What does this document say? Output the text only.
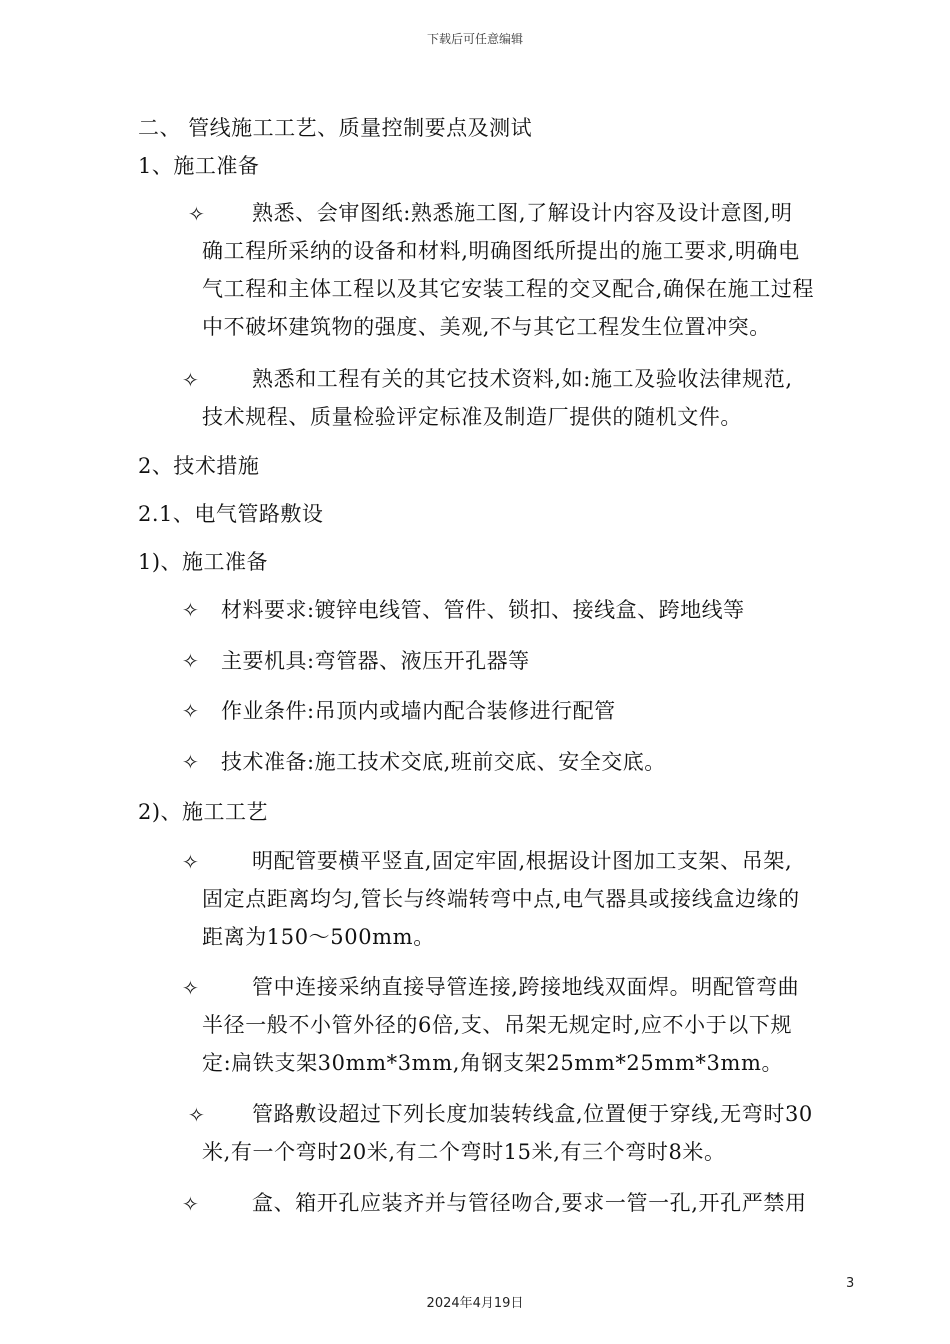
下载后可任意编辑
二、 管线施工工艺、质量控制要点及测试
1、施工准备
✧	熟悉、会审图纸:熟悉施工图,了解设计内容及设计意图,明
确工程所采纳的设备和材料,明确图纸所提出的施工要求,明确电
气工程和主体工程以及其它安装工程的交叉配合,确保在施工过程
中不破坏建筑物的强度、美观,不与其它工程发生位置冲突。
✧	熟悉和工程有关的其它技术资料,如:施工及验收法律规范,
技术规程、质量检验评定标准及制造厂提供的随机文件。
2、技术措施
2.1、电气管路敷设
1)、施工准备
✧ 材料要求:镀锌电线管、管件、锁扣、接线盒、跨地线等
✧ 主要机具:弯管器、液压开孔器等
✧ 作业条件:吊顶内或墙内配合装修进行配管
✧ 技术准备:施工技术交底,班前交底、安全交底。
2)、施工工艺
✧	明配管要横平竖直,固定牢固,根据设计图加工支架、吊架,
固定点距离均匀,管长与终端转弯中点,电气器具或接线盒边缘的
距离为150～500mm。
✧	管中连接采纳直接导管连接,跨接地线双面焊。明配管弯曲
半径一般不小管外径的6倍,支、吊架无规定时,应不小于以下规
定:扁铁支架30mm*3mm,角钢支架25mm*25mm*3mm。
✧	管路敷设超过下列长度加装转线盒,位置便于穿线,无弯时30
米,有一个弯时20米,有二个弯时15米,有三个弯时8米。
✧	盒、箱开孔应装齐并与管径吻合,要求一管一孔,开孔严禁用
3
2024年4月19日
